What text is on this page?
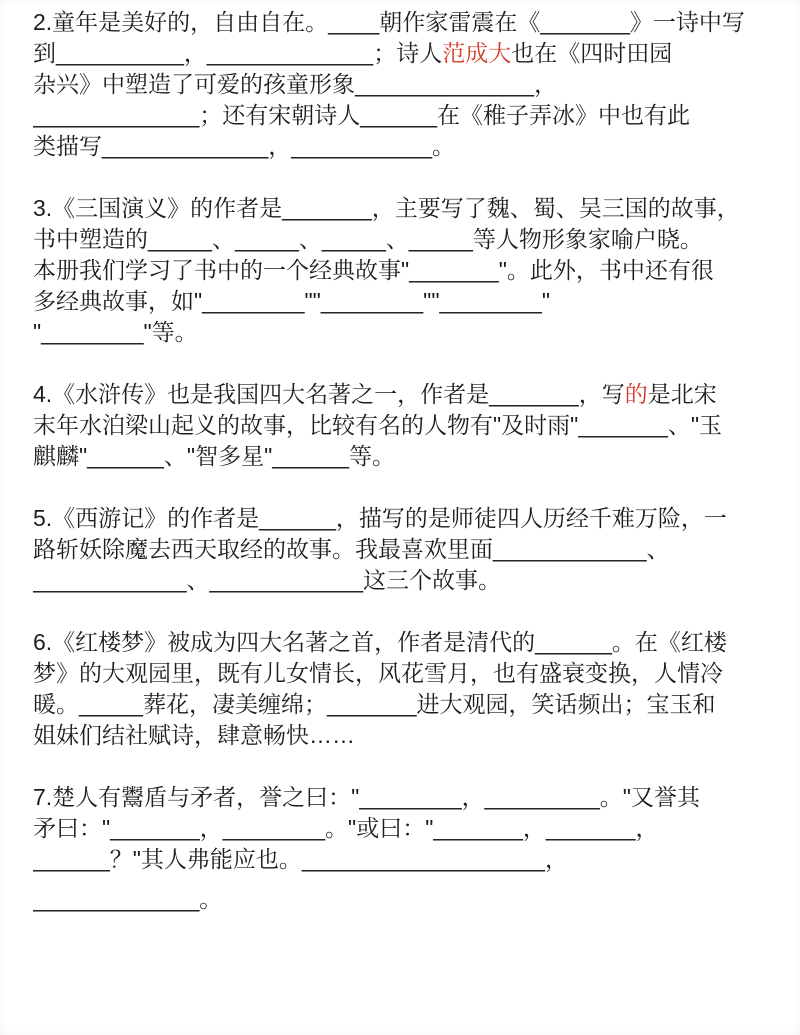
2.童年是美好的，自由自在。____朝作家雷震在《_______》一诗中写
到__________，_____________；诗人范成大也在《四时田园
杂兴》中塑造了可爱的孩童形象______________，
_____________；还有宋朝诗人______在《稚子弄冰》中也有此
类描写_____________，___________。
3.《三国演义》的作者是_______，主要写了魏、蜀、吴三国的故事，
书中塑造的_____、_____、_____、_____等人物形象家喻户晓。
本册我们学习了书中的一个经典故事"_______"。此外，书中还有很
多经典故事，如"________""________""________"
"________"等。
4.《水浒传》也是我国四大名著之一，作者是_______，写的是北宋
末年水泊梁山起义的故事，比较有名的人物有"及时雨"_______、"玉
麒麟"______、"智多星"______等。
5.《西游记》的作者是______，描写的是师徒四人历经千难万险，一
路斩妖除魔去西天取经的故事。我最喜欢里面____________、
____________、____________这三个故事。
6.《红楼梦》被成为四大名著之首，作者是清代的______。在《红楼
梦》的大观园里，既有儿女情长，风花雪月，也有盛衰变换，人情冷
暖。_____葬花，凄美缠绵；_______进大观园，笑话频出；宝玉和
姐妹们结社赋诗，肆意畅快……
7.楚人有鬻盾与矛者，誉之曰："________，_________。"又誉其
矛曰："_______，________。"或曰："_______，_______，
______？"其人弗能应也。___________________，
_____________。
